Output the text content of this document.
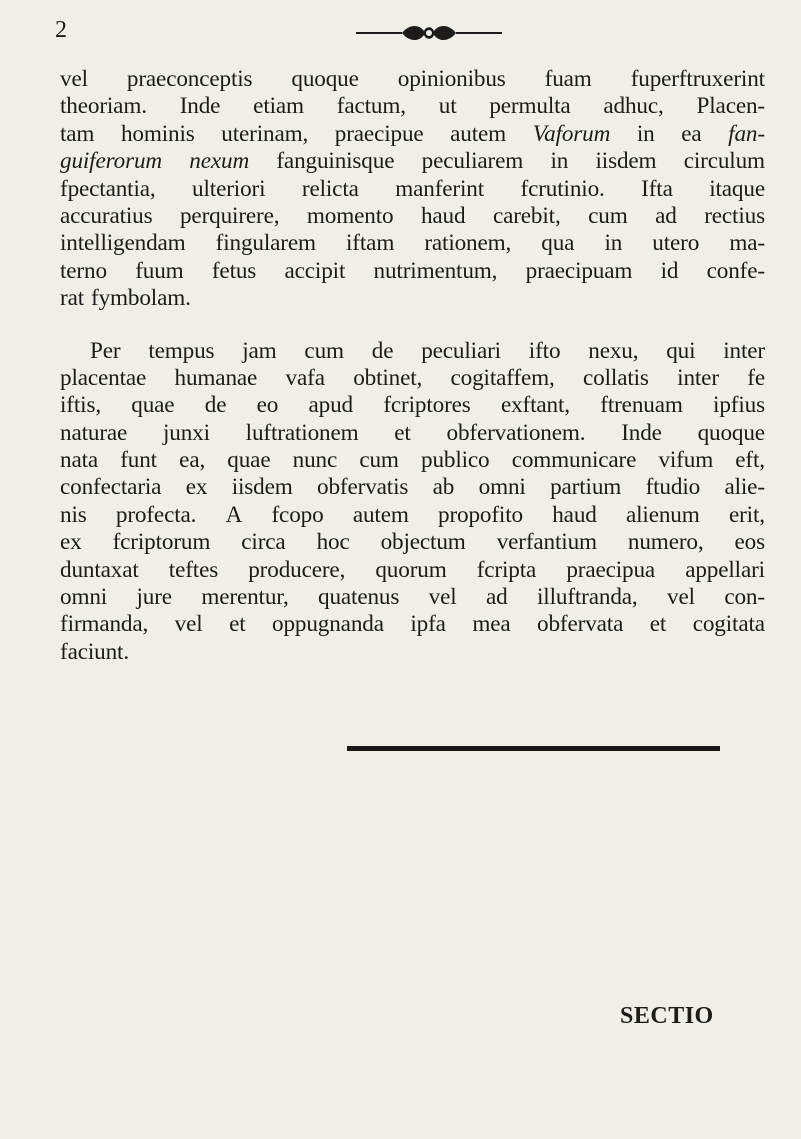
2
vel praeconceptis quoque opinionibus fuam fuperftruxerint
theoriam. Inde etiam factum, ut permulta adhuc, Placen-
tam hominis uterinam, praecipue autem Vaforum in ea fan-
guiferorum nexum fanguinisque peculiarem in iisdem circulum
fpectantia, ulteriori relicta manferint fcrutinio. Ifta itaque
accuratius perquirere, momento haud carebit, cum ad rectius
intelligendam fingularem iftam rationem, qua in utero ma-
terno fuum fetus accipit nutrimentum, praecipuam id confe-
rat fymbolam.
Per tempus jam cum de peculiari ifto nexu, qui inter
placentae humanae vafa obtinet, cogitaffem, collatis inter fe
iftis, quae de eo apud fcriptores exftant, ftrenuam ipfius
naturae junxi luftrationem et obfervationem. Inde quoque
nata funt ea, quae nunc cum publico communicare vifum eft,
confectaria ex iisdem obfervatis ab omni partium ftudio alie-
nis profecta. A fcopo autem propofito haud alienum erit,
ex fcriptorum circa hoc objectum verfantium numero, eos
duntaxat teftes producere, quorum fcripta praecipua appellari
omni jure merentur, quatenus vel ad illuftranda, vel con-
firmanda, vel et oppugnanda ipfa mea obfervata et cogitata
faciunt.
SECTIO
